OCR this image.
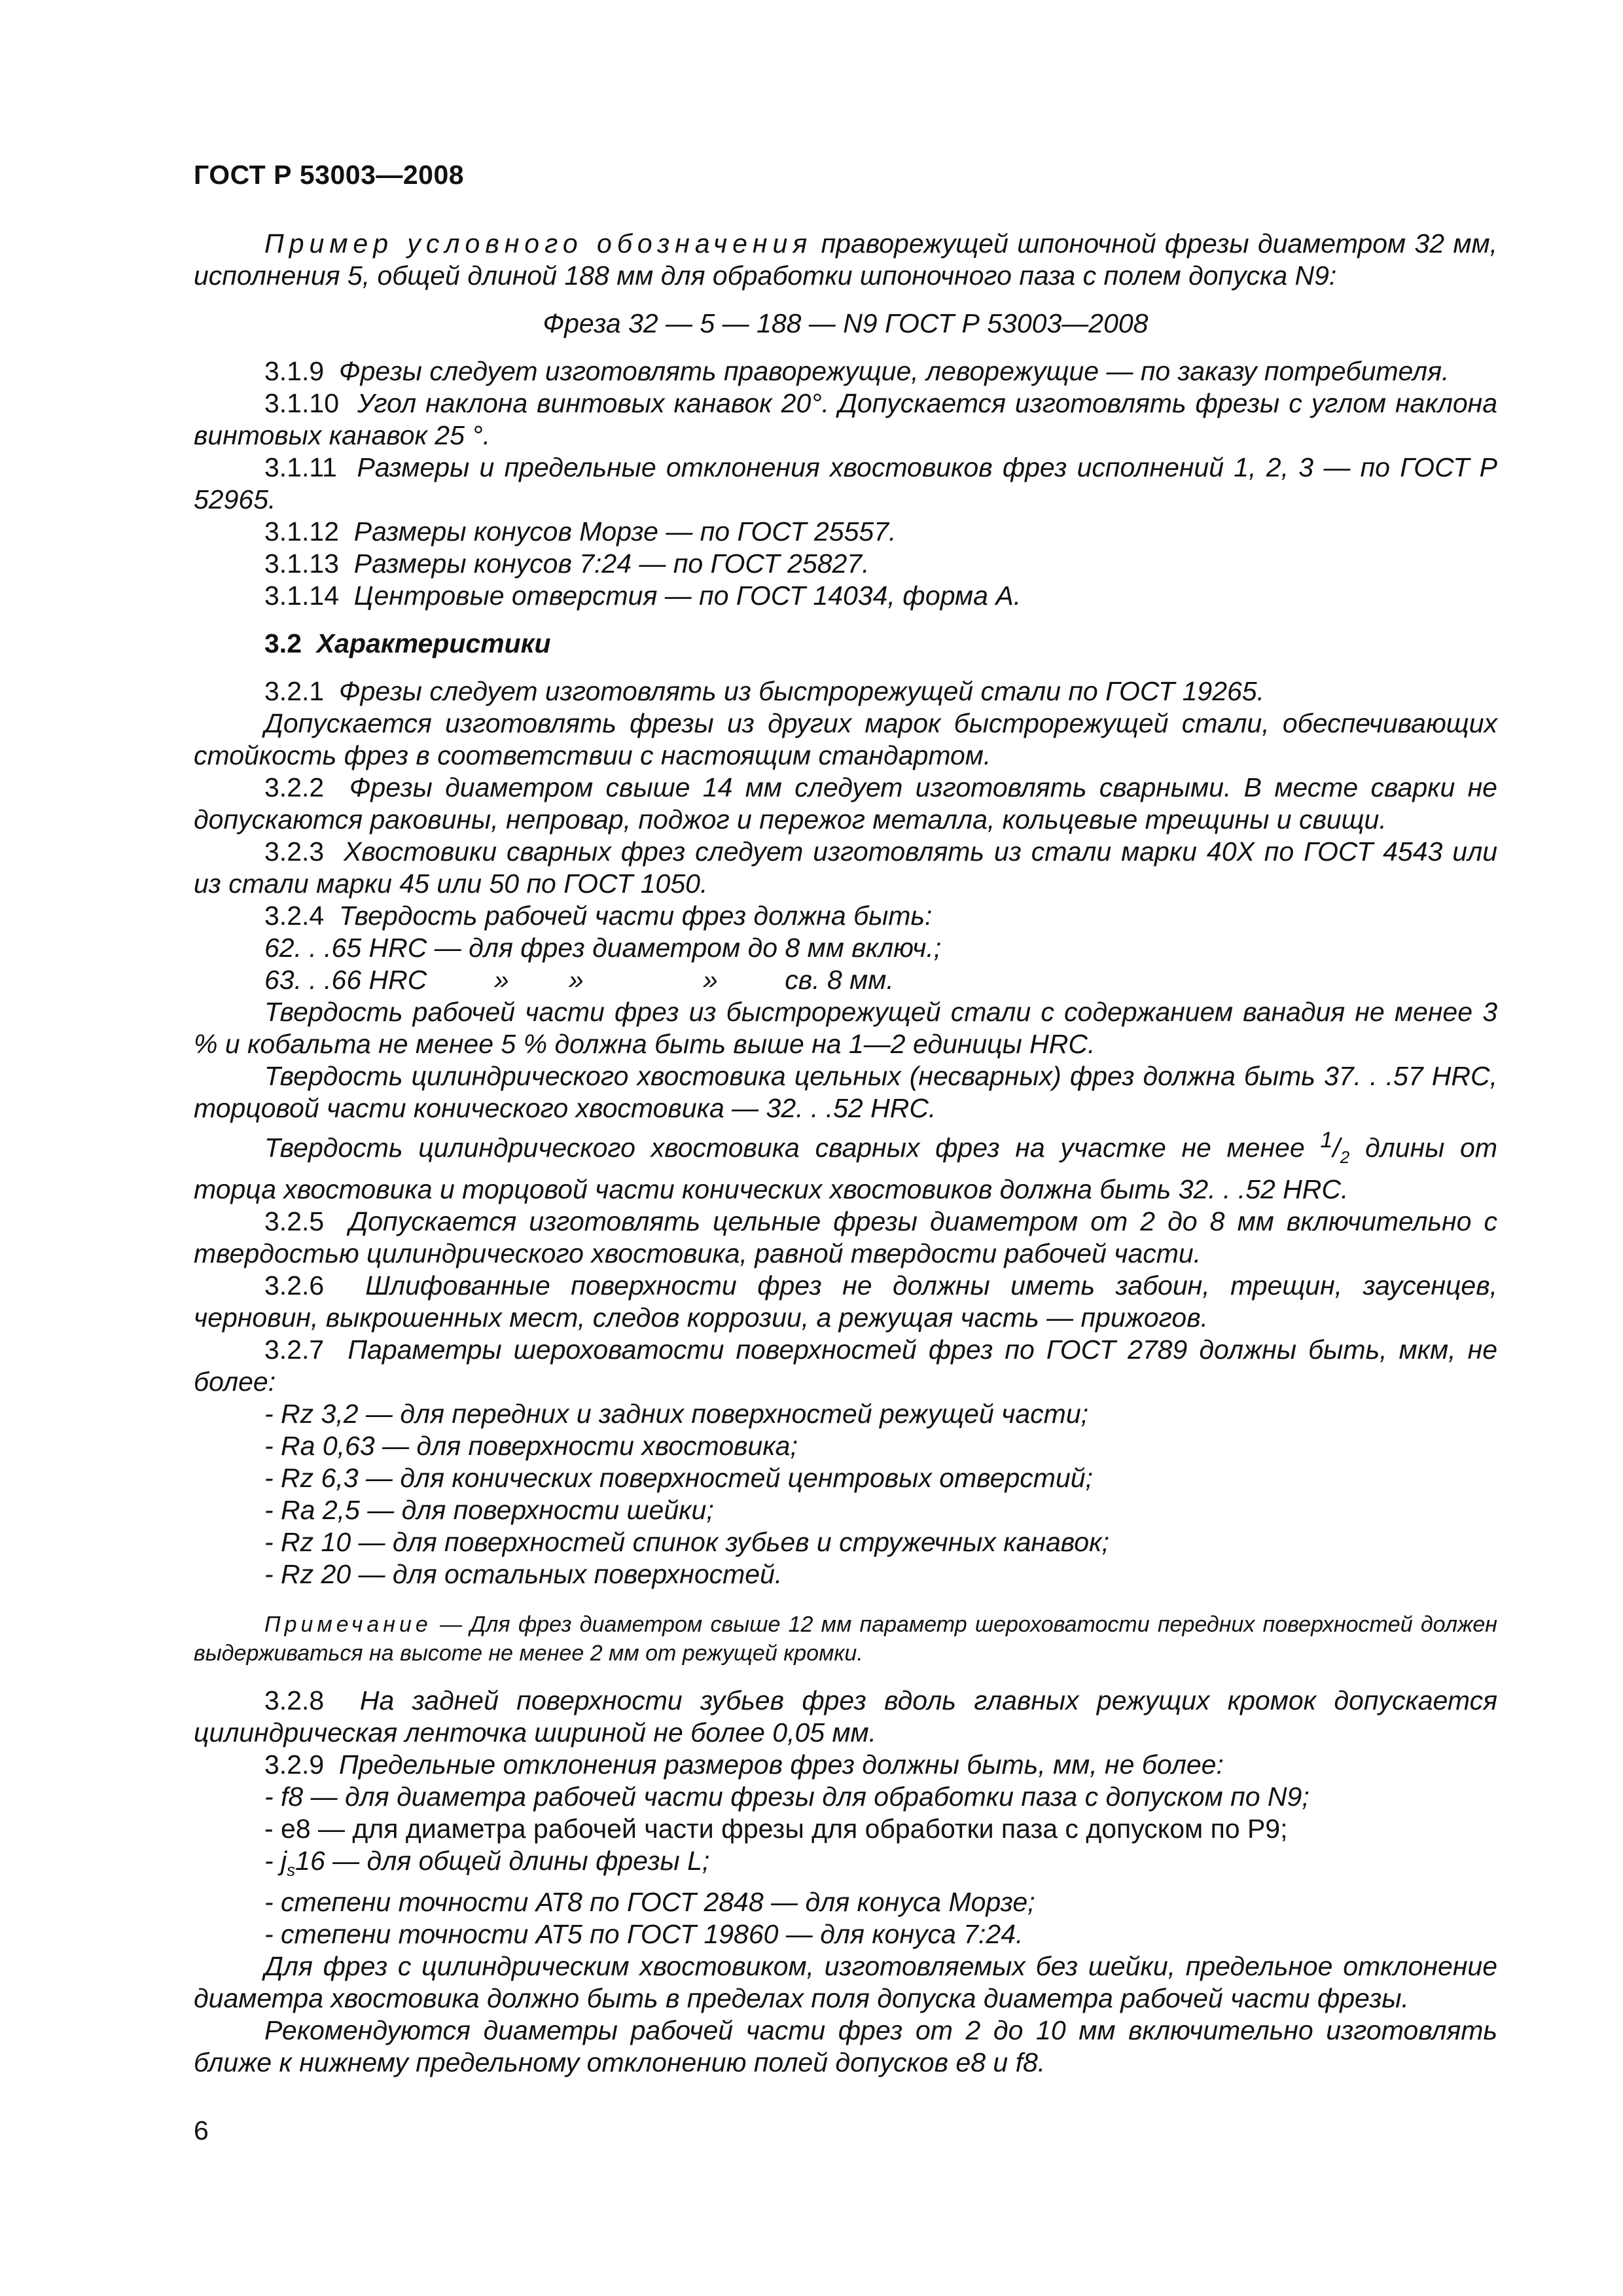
ГОСТ Р 53003—2008

Пример условного обозначения праворежущей шпоночной фрезы диаметром 32 мм, исполнения 5, общей длиной 188 мм для обработки шпоночного паза с полем допуска N9:

Фреза 32 — 5 — 188 — N9 ГОСТ Р 53003—2008

3.1.9 Фрезы следует изготовлять праворежущие, леворежущие — по заказу потребителя.

3.1.10 Угол наклона винтовых канавок 20°. Допускается изготовлять фрезы с углом наклона винтовых канавок 25 °.

3.1.11 Размеры и предельные отклонения хвостовиков фрез исполнений 1, 2, 3 — по ГОСТ Р 52965.

3.1.12 Размеры конусов Морзе — по ГОСТ 25557.

3.1.13 Размеры конусов 7:24 — по ГОСТ 25827.

3.1.14 Центровые отверстия — по ГОСТ 14034, форма А.

3.2 Характеристики

3.2.1 Фрезы следует изготовлять из быстрорежущей стали по ГОСТ 19265.

Допускается изготовлять фрезы из других марок быстрорежущей стали, обеспечивающих стойкость фрез в соответствии с настоящим стандартом.

3.2.2 Фрезы диаметром свыше 14 мм следует изготовлять сварными. В месте сварки не допускаются раковины, непровар, поджог и пережог металла, кольцевые трещины и свищи.

3.2.3 Хвостовики сварных фрез следует изготовлять из стали марки 40Х по ГОСТ 4543 или из стали марки 45 или 50 по ГОСТ 1050.

3.2.4 Твердость рабочей части фрез должна быть:

62. . .65 HRC — для фрез диаметром до 8 мм включ.;

63. . .66 HRC	» »	»	св. 8 мм.

Твердость рабочей части фрез из быстрорежущей стали с содержанием ванадия не менее 3 % и кобальта не менее 5 % должна быть выше на 1—2 единицы HRC.

Твердость цилиндрического хвостовика цельных (несварных) фрез должна быть 37. . .57 HRC, торцовой части конического хвостовика — 32. . .52 HRC.

Твердость цилиндрического хвостовика сварных фрез на участке не менее $^1/_2$ длины от торца хвостовика и торцовой части конических хвостовиков должна быть 32. . .52 HRC.

3.2.5 Допускается изготовлять цельные фрезы диаметром от 2 до 8 мм включительно с твердостью цилиндрического хвостовика, равной твердости рабочей части.

3.2.6 Шлифованные поверхности фрез не должны иметь забоин, трещин, заусенцев, черновин, выкрошенных мест, следов коррозии, а режущая часть — прижогов.

3.2.7 Параметры шероховатости поверхностей фрез по ГОСТ 2789 должны быть, мкм, не более:

- Rz 3,2 — для передних и задних поверхностей режущей части;

- Ra 0,63 — для поверхности хвостовика;

- Rz 6,3 — для конических поверхностей центровых отверстий;

- Ra 2,5 — для поверхности шейки;

- Rz 10 — для поверхностей спинок зубьев и стружечных канавок;

- Rz 20 — для остальных поверхностей.

Примечание — Для фрез диаметром свыше 12 мм параметр шероховатости передних поверхностей должен выдерживаться на высоте не менее 2 мм от режущей кромки.

3.2.8 На задней поверхности зубьев фрез вдоль главных режущих кромок допускается цилиндрическая ленточка шириной не более 0,05 мм.

3.2.9 Предельные отклонения размеров фрез должны быть, мм, не более:

- f8 — для диаметра рабочей части фрезы для обработки паза с допуском по N9;

- е8 — для диаметра рабочей части фрезы для обработки паза с допуском по Р9;

- $j_s16$ — для общей длины фрезы L;

- степени точности АТ8 по ГОСТ 2848 — для конуса Морзе;

- степени точности АТ5 по ГОСТ 19860 — для конуса 7:24.

Для фрез с цилиндрическим хвостовиком, изготовляемых без шейки, предельное отклонение диаметра хвостовика должно быть в пределах поля допуска диаметра рабочей части фрезы.

Рекомендуются диаметры рабочей части фрез от 2 до 10 мм включительно изготовлять ближе к нижнему предельному отклонению полей допусков е8 и f8.

6
